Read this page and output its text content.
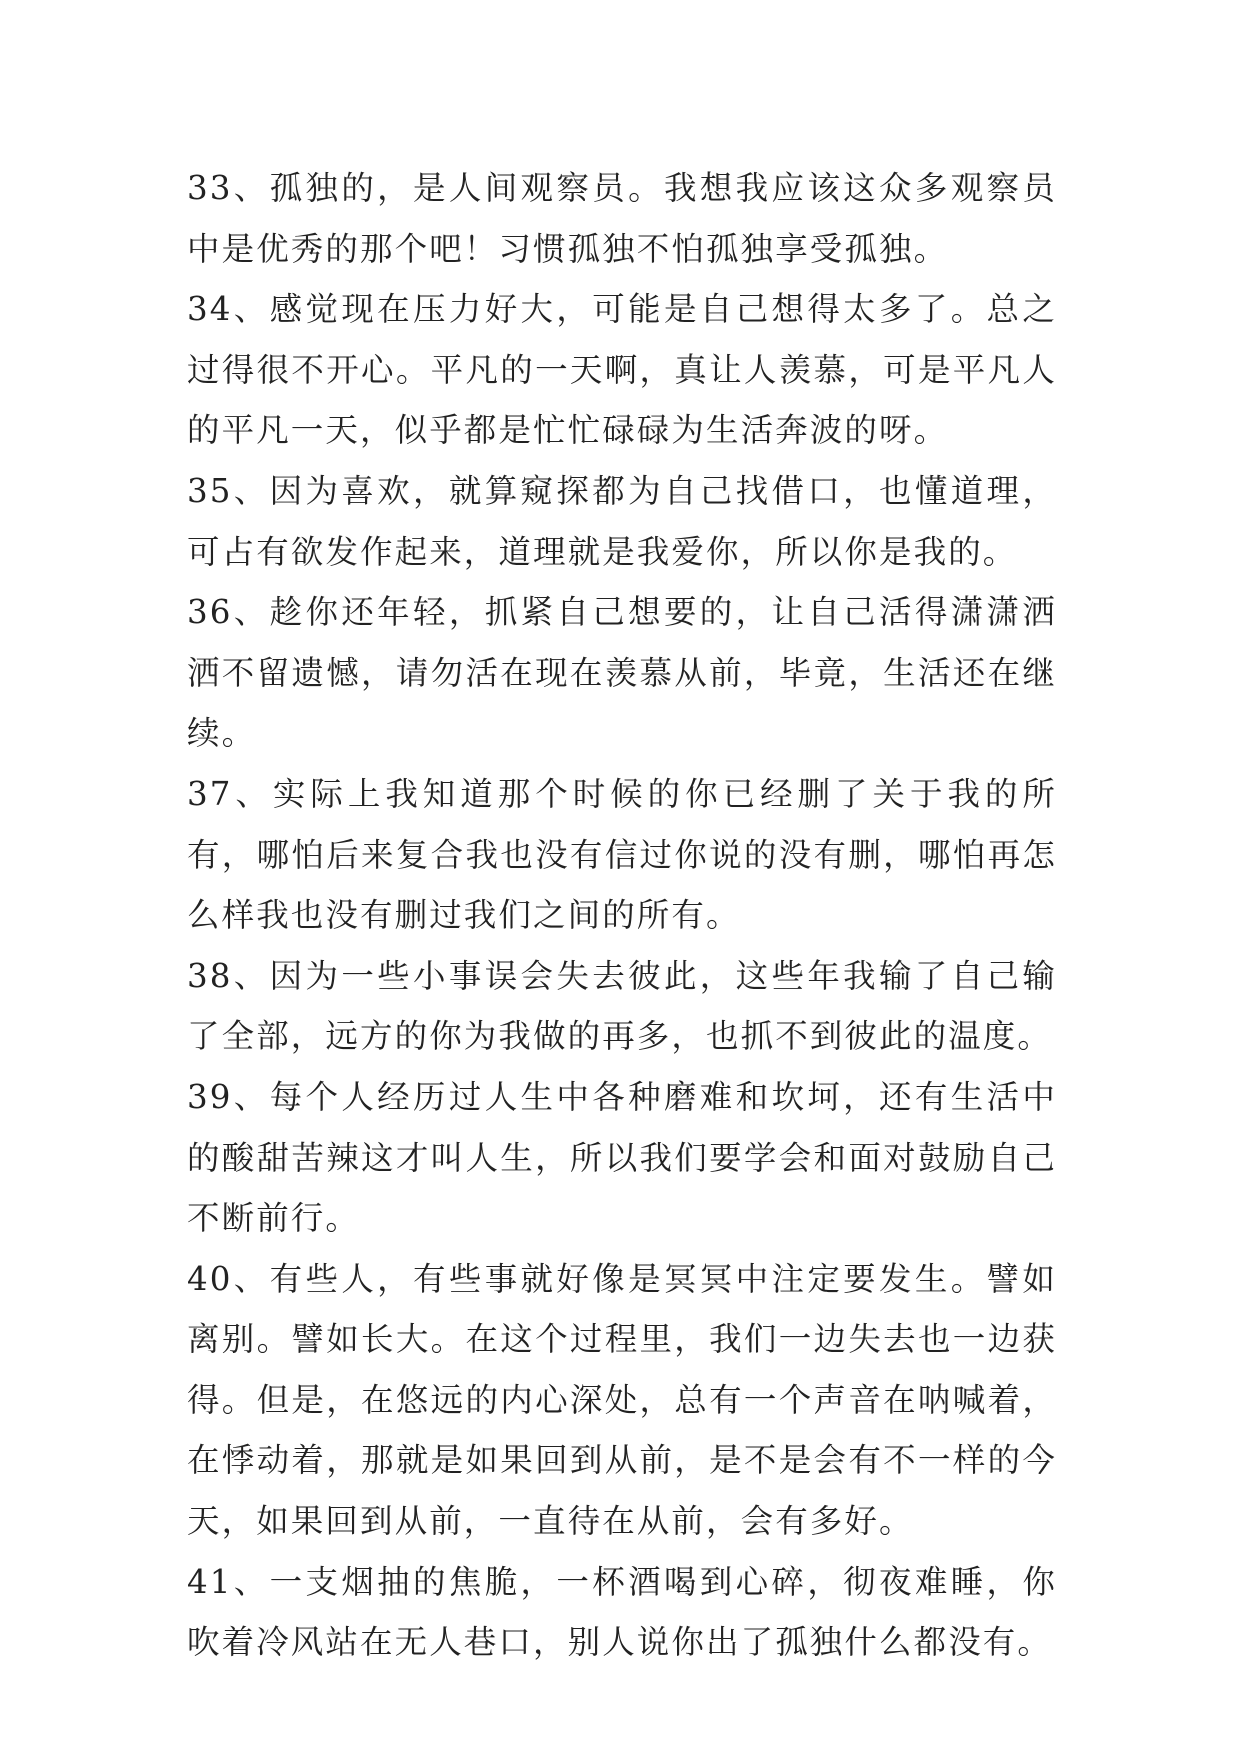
33、孤独的，是人间观察员。我想我应该这众多观察员中是优秀的那个吧！习惯孤独不怕孤独享受孤独。

34、感觉现在压力好大，可能是自己想得太多了。总之过得很不开心。平凡的一天啊，真让人羡慕，可是平凡人的平凡一天，似乎都是忙忙碌碌为生活奔波的呀。

35、因为喜欢，就算窥探都为自己找借口，也懂道理，可占有欲发作起来，道理就是我爱你，所以你是我的。

36、趁你还年轻，抓紧自己想要的，让自己活得潇潇洒洒不留遗憾，请勿活在现在羡慕从前，毕竟，生活还在继续。

37、实际上我知道那个时候的你已经删了关于我的所有，哪怕后来复合我也没有信过你说的没有删，哪怕再怎么样我也没有删过我们之间的所有。

38、因为一些小事误会失去彼此，这些年我输了自己输了全部，远方的你为我做的再多，也抓不到彼此的温度。

39、每个人经历过人生中各种磨难和坎坷，还有生活中的酸甜苦辣这才叫人生，所以我们要学会和面对鼓励自己不断前行。

40、有些人，有些事就好像是冥冥中注定要发生。譬如离别。譬如长大。在这个过程里，我们一边失去也一边获得。但是，在悠远的内心深处，总有一个声音在呐喊着，在悸动着，那就是如果回到从前，是不是会有不一样的今天，如果回到从前，一直待在从前，会有多好。

41、一支烟抽的焦脆，一杯酒喝到心碎，彻夜难睡，你吹着冷风站在无人巷口，别人说你出了孤独什么都没有。
